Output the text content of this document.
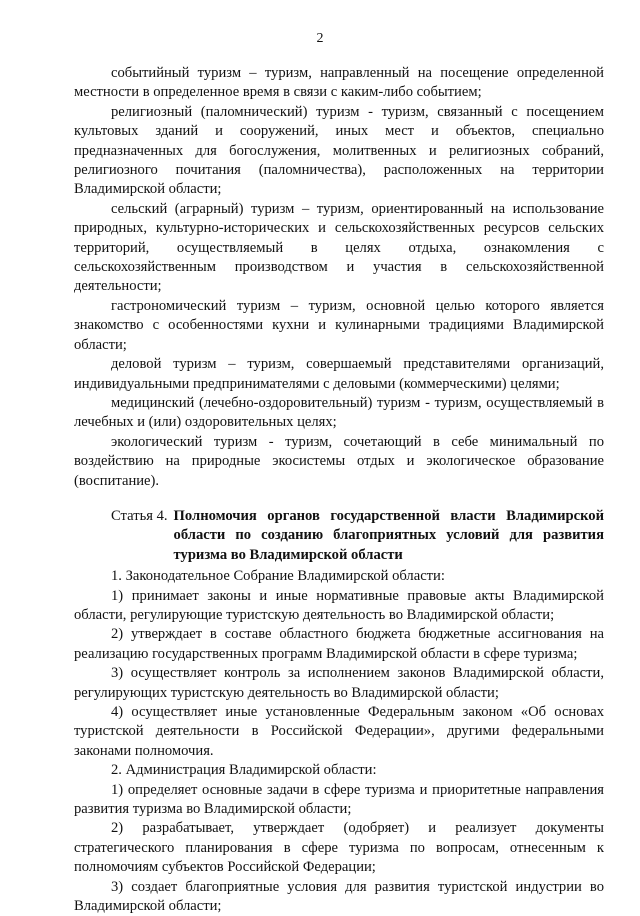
2

событийный туризм – туризм, направленный на посещение определенной местности в определенное время в связи с каким-либо событием;

религиозный (паломнический) туризм - туризм, связанный с посещением культовых зданий и сооружений, иных мест и объектов, специально предназначенных для богослужения, молитвенных и религиозных собраний, религиозного почитания (паломничества), расположенных на территории Владимирской области;

сельский (аграрный) туризм – туризм, ориентированный на использование природных, культурно-исторических и сельскохозяйственных ресурсов сельских территорий, осуществляемый в целях отдыха, ознакомления с сельскохозяйственным производством и участия в сельскохозяйственной деятельности;

гастрономический туризм – туризм, основной целью которого является знакомство с особенностями кухни и кулинарными традициями Владимирской области;

деловой туризм – туризм, совершаемый представителями организаций, индивидуальными предпринимателями с деловыми (коммерческими) целями;

медицинский (лечебно-оздоровительный) туризм - туризм, осуществляемый в лечебных и (или) оздоровительных целях;

экологический туризм - туризм, сочетающий в себе минимальный по воздействию на природные экосистемы отдых и экологическое образование (воспитание).

Статья 4. Полномочия органов государственной власти Владимирской области по созданию благоприятных условий для развития туризма во Владимирской области

1. Законодательное Собрание Владимирской области:

1) принимает законы и иные нормативные правовые акты Владимирской области, регулирующие туристскую деятельность во Владимирской области;

2) утверждает в составе областного бюджета бюджетные ассигнования на реализацию государственных программ Владимирской области в сфере туризма;

3) осуществляет контроль за исполнением законов Владимирской области, регулирующих туристскую деятельность во Владимирской области;

4) осуществляет иные установленные Федеральным законом «Об основах туристской деятельности в Российской Федерации», другими федеральными законами полномочия.

2. Администрация Владимирской области:

1) определяет основные задачи в сфере туризма и приоритетные направления развития туризма во Владимирской области;

2) разрабатывает, утверждает (одобряет) и реализует документы стратегического планирования в сфере туризма по вопросам, отнесенным к полномочиям субъектов Российской Федерации;

3) создает благоприятные условия для развития туристской индустрии во Владимирской области;
